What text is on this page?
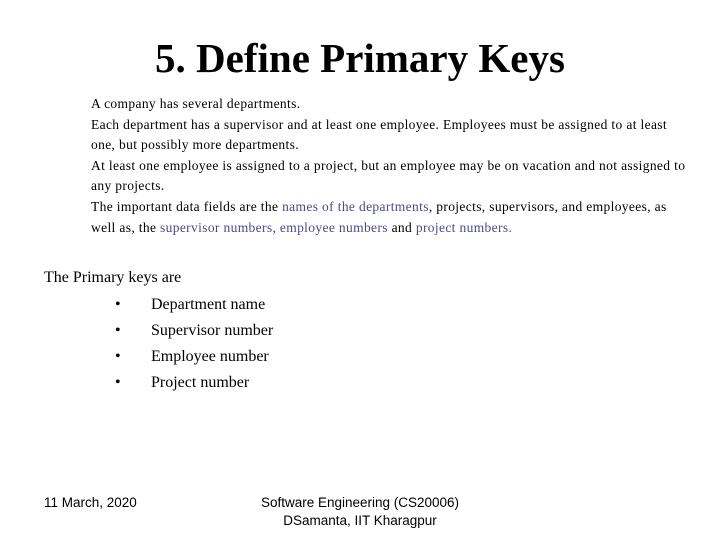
5. Define Primary Keys

A company has several departments.

Each department has a supervisor and at least one employee. Employees must be assigned to at least one, but possibly more departments.

At least one employee is assigned to a project, but an employee may be on vacation and not assigned to any projects.

The important data fields are the names of the departments, projects, supervisors, and employees, as well as, the supervisor numbers, employee numbers and project numbers.

The Primary keys are

•	Department name
•	Supervisor number
•	Employee number
•	Project number
11 March, 2020	Software Engineering (CS20006)
DSamanta, IIT Kharagpur
